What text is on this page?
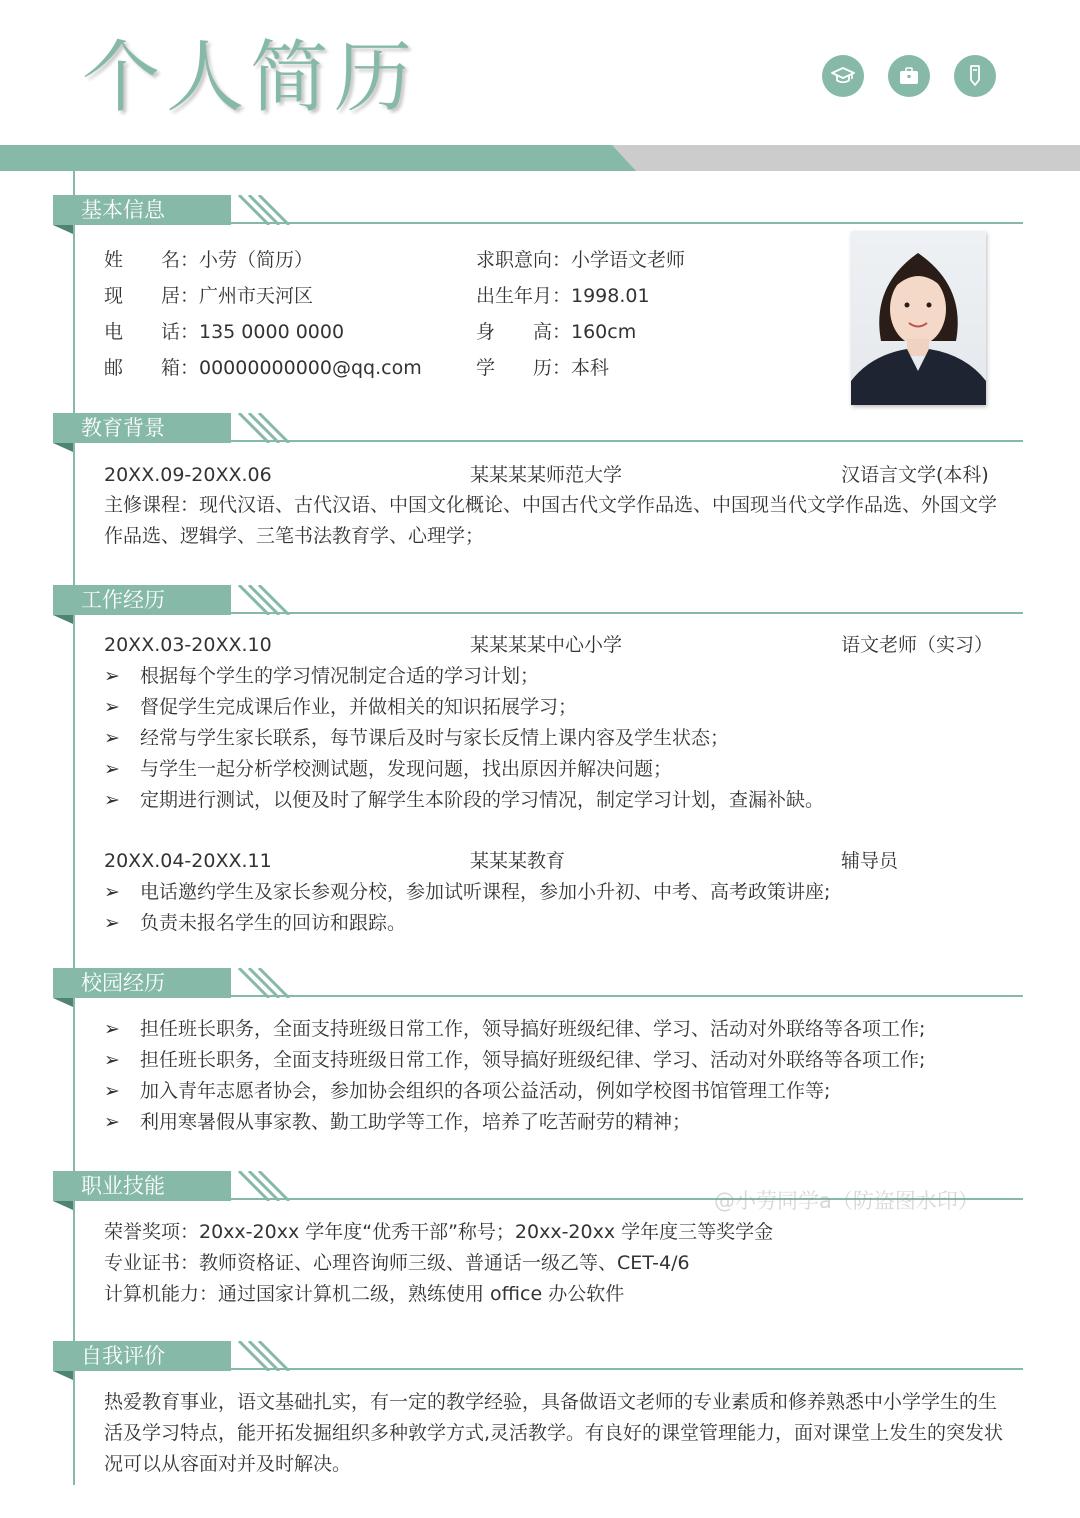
个人简历
基本信息
姓 名： 小劳（简历）
现 居： 广州市天河区
电 话： 135 0000 0000
邮 箱： 00000000000@qq.com
求职意向： 小学语文老师
出生年月： 1998.01
身 高： 160cm
学 历： 本科
教育背景
20XX.09-20XX.06	某某某某师范大学	汉语言文学(本科)
主修课程：现代汉语、古代汉语、中国文化概论、中国古代文学作品选、中国现当代文学作品选、外国文学作品选、逻辑学、三笔书法教育学、心理学；
工作经历
20XX.03-20XX.10	某某某某中心小学	语文老师（实习）
➢ 根据每个学生的学习情况制定合适的学习计划；
➢ 督促学生完成课后作业，并做相关的知识拓展学习；
➢ 经常与学生家长联系，每节课后及时与家长反情上课内容及学生状态；
➢ 与学生一起分析学校测试题，发现问题，找出原因并解决问题；
➢ 定期进行测试，以便及时了解学生本阶段的学习情况，制定学习计划，查漏补缺。
20XX.04-20XX.11	某某某教育	辅导员
➢ 电话邀约学生及家长参观分校，参加试听课程，参加小升初、中考、高考政策讲座;
➢ 负责未报名学生的回访和跟踪。
校园经历
➢ 担任班长职务，全面支持班级日常工作，领导搞好班级纪律、学习、活动对外联络等各项工作;
➢ 担任班长职务，全面支持班级日常工作，领导搞好班级纪律、学习、活动对外联络等各项工作;
➢ 加入青年志愿者协会，参加协会组织的各项公益活动，例如学校图书馆管理工作等;
➢ 利用寒暑假从事家教、勤工助学等工作，培养了吃苦耐劳的精神；
职业技能
@小劳同学a（防盗图水印）
荣誉奖项：20xx-20xx 学年度“优秀干部”称号；20xx-20xx 学年度三等奖学金
专业证书：教师资格证、心理咨询师三级、普通话一级乙等、CET-4/6
计算机能力：通过国家计算机二级，熟练使用 office 办公软件
自我评价
热爱教育事业，语文基础扎实，有一定的教学经验，具备做语文老师的专业素质和修养熟悉中小学学生的生活及学习特点，能开拓发掘组织多种敦学方式,灵活教学。有良好的课堂管理能力，面对课堂上发生的突发状况可以从容面对并及时解决。
